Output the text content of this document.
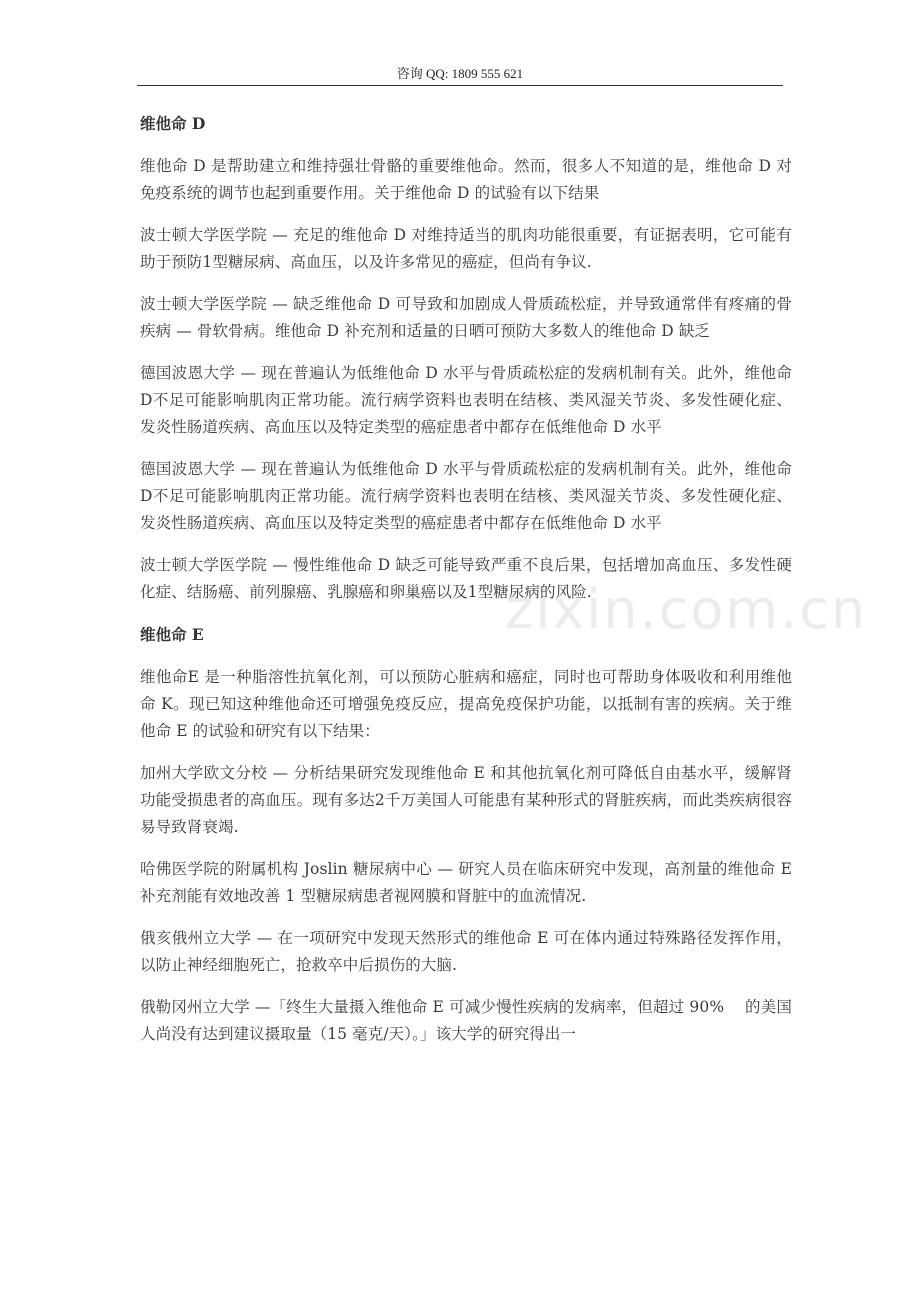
咨询 QQ: 1809 555 621
zixin.com.cn
维他命 D

维他命 D 是帮助建立和维持强壮骨骼的重要维他命。然而，很多人不知道的是，维他命 D 对免疫系统的调节也起到重要作用。关于维他命 D 的试验有以下结果

波士顿大学医学院 — 充足的维他命 D 对维持适当的肌肉功能很重要，有证据表明，它可能有助于预防1型糖尿病、高血压，以及许多常见的癌症，但尚有争议.

波士顿大学医学院 — 缺乏维他命 D 可导致和加剧成人骨质疏松症，并导致通常伴有疼痛的骨疾病 — 骨软骨病。维他命 D 补充剂和适量的日晒可预防大多数人的维他命 D 缺乏

德国波恩大学 — 现在普遍认为低维他命 D 水平与骨质疏松症的发病机制有关。此外，维他命D不足可能影响肌肉正常功能。流行病学资料也表明在结核、类风湿关节炎、多发性硬化症、发炎性肠道疾病、高血压以及特定类型的癌症患者中都存在低维他命 D 水平

德国波恩大学 — 现在普遍认为低维他命 D 水平与骨质疏松症的发病机制有关。此外，维他命D不足可能影响肌肉正常功能。流行病学资料也表明在结核、类风湿关节炎、多发性硬化症、发炎性肠道疾病、高血压以及特定类型的癌症患者中都存在低维他命 D 水平

波士顿大学医学院 — 慢性维他命 D 缺乏可能导致严重不良后果，包括增加高血压、多发性硬化症、结肠癌、前列腺癌、乳腺癌和卵巢癌以及1型糖尿病的风险.

维他命 E

维他命E 是一种脂溶性抗氧化剂，可以预防心脏病和癌症，同时也可帮助身体吸收和利用维他命 K。现已知这种维他命还可增强免疫反应，提高免疫保护功能，以抵制有害的疾病。关于维他命 E 的试验和研究有以下结果：

加州大学欧文分校 — 分析结果研究发现维他命 E 和其他抗氧化剂可降低自由基水平，缓解肾功能受损患者的高血压。现有多达2千万美国人可能患有某种形式的肾脏疾病，而此类疾病很容易导致肾衰竭.

哈佛医学院的附属机构 Joslin 糖尿病中心 — 研究人员在临床研究中发现，高剂量的维他命 E 补充剂能有效地改善 1 型糖尿病患者视网膜和肾脏中的血流情况.

俄亥俄州立大学 — 在一项研究中发现天然形式的维他命 E 可在体内通过特殊路径发挥作用，以防止神经细胞死亡，抢救卒中后损伤的大脑.

俄勒冈州立大学 —「终生大量摄入维他命 E 可减少慢性疾病的发病率，但超过 90%　 的美国人尚没有达到建议摄取量（15 毫克/天）。」该大学的研究得出一
